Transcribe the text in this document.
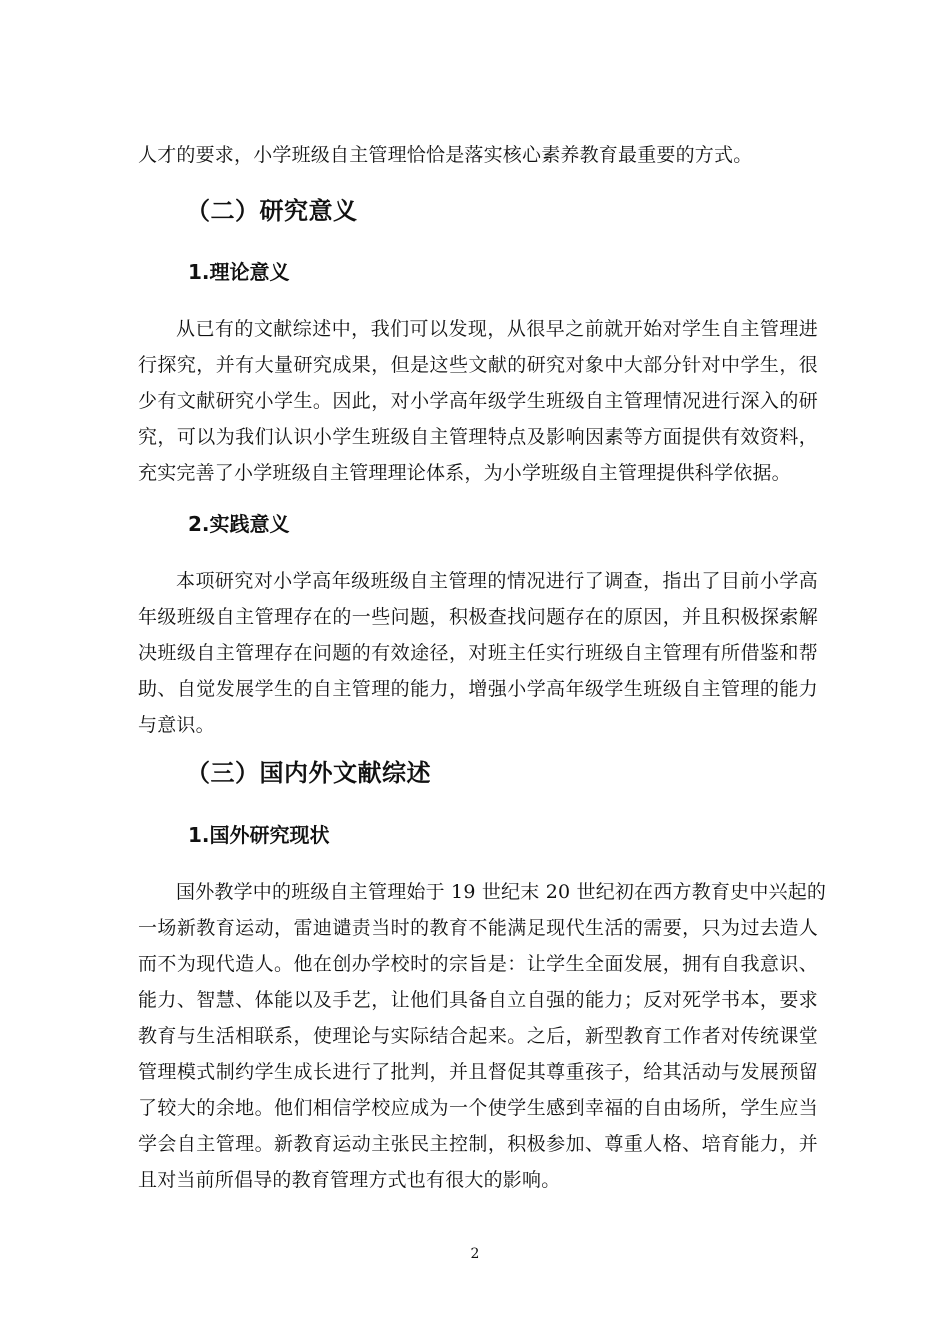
人才的要求，小学班级自主管理恰恰是落实核心素养教育最重要的方式。
（二）研究意义
1.理论意义
从已有的文献综述中，我们可以发现，从很早之前就开始对学生自主管理进
行探究，并有大量研究成果，但是这些文献的研究对象中大部分针对中学生，很
少有文献研究小学生。因此，对小学高年级学生班级自主管理情况进行深入的研
究，可以为我们认识小学生班级自主管理特点及影响因素等方面提供有效资料，
充实完善了小学班级自主管理理论体系，为小学班级自主管理提供科学依据。
2.实践意义
本项研究对小学高年级班级自主管理的情况进行了调查，指出了目前小学高
年级班级自主管理存在的一些问题，积极查找问题存在的原因，并且积极探索解
决班级自主管理存在问题的有效途径，对班主任实行班级自主管理有所借鉴和帮
助、自觉发展学生的自主管理的能力，增强小学高年级学生班级自主管理的能力
与意识。
（三）国内外文献综述
1.国外研究现状
国外教学中的班级自主管理始于 19 世纪末 20 世纪初在西方教育史中兴起的
一场新教育运动，雷迪谴责当时的教育不能满足现代生活的需要，只为过去造人
而不为现代造人。他在创办学校时的宗旨是：让学生全面发展，拥有自我意识、
能力、智慧、体能以及手艺，让他们具备自立自强的能力；反对死学书本，要求
教育与生活相联系，使理论与实际结合起来。之后，新型教育工作者对传统课堂
管理模式制约学生成长进行了批判，并且督促其尊重孩子，给其活动与发展预留
了较大的余地。他们相信学校应成为一个使学生感到幸福的自由场所，学生应当
学会自主管理。新教育运动主张民主控制，积极参加、尊重人格、培育能力，并
且对当前所倡导的教育管理方式也有很大的影响。
2
